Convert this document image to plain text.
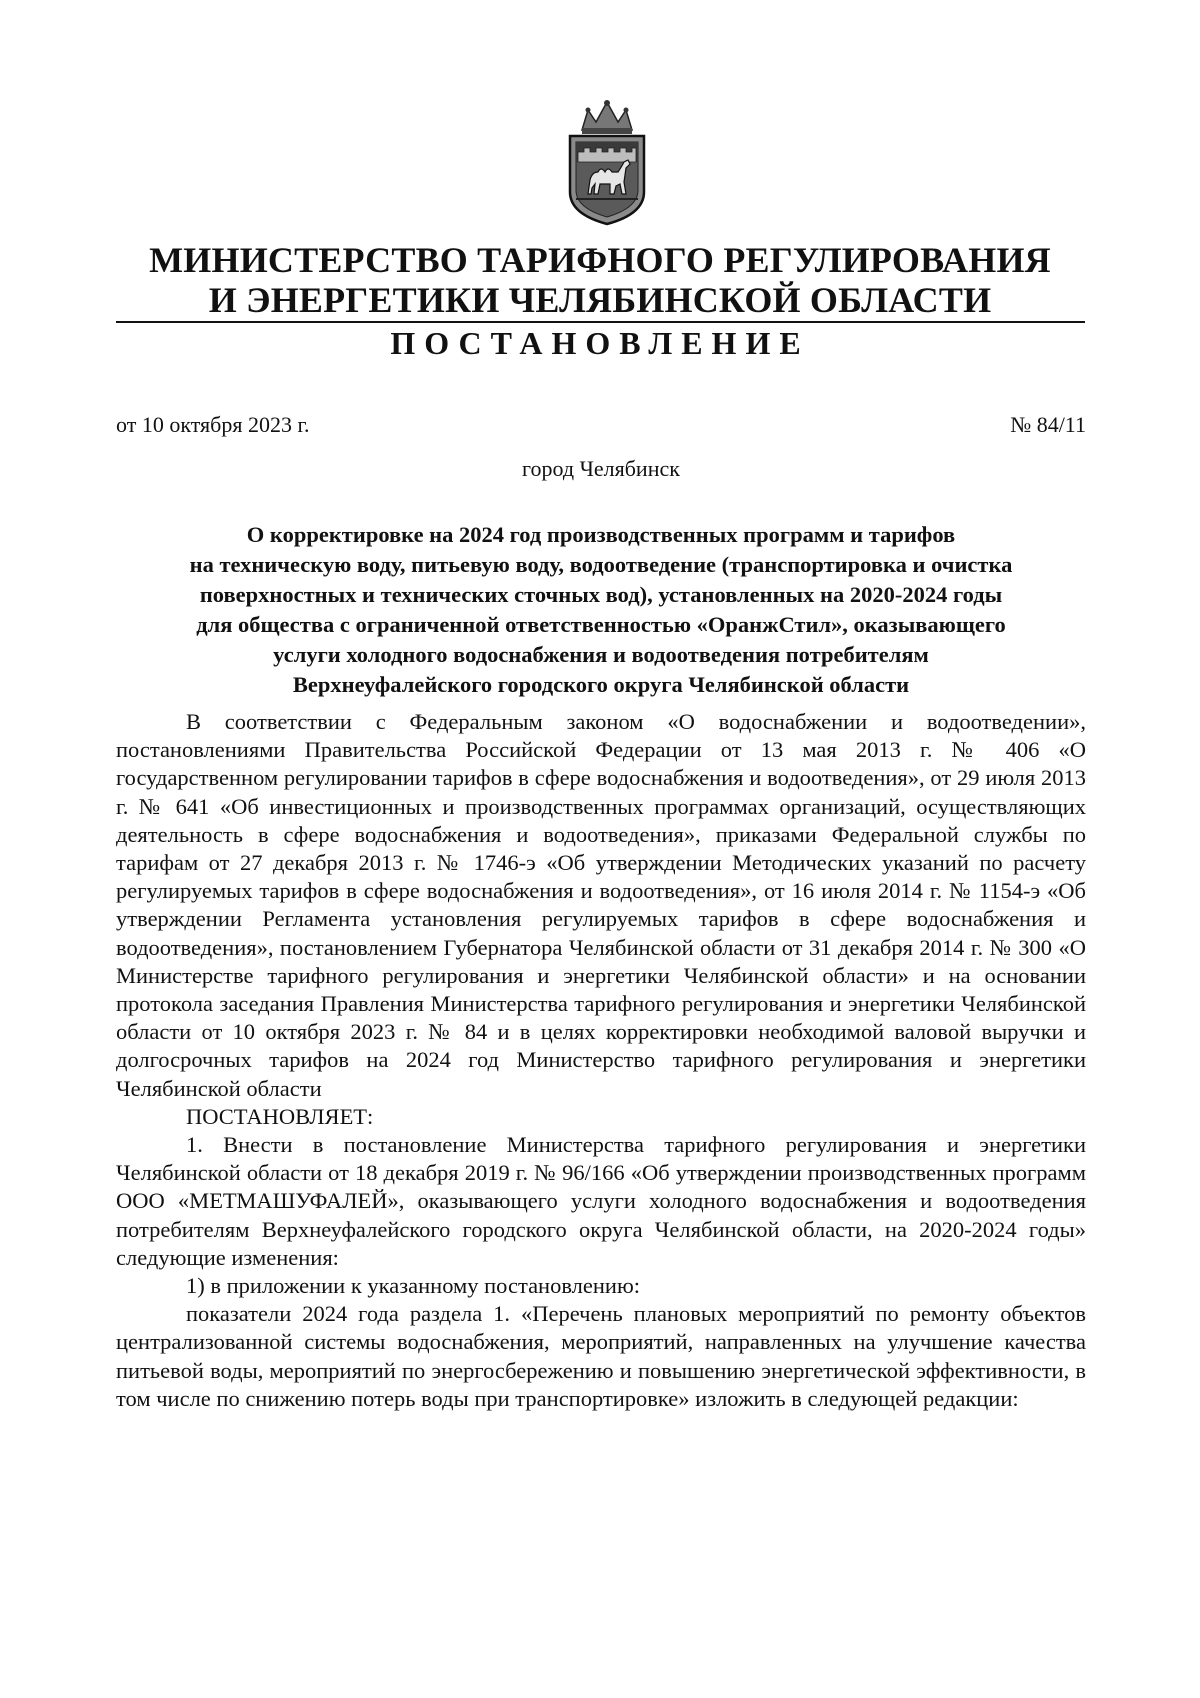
МИНИСТЕРСТВО ТАРИФНОГО РЕГУЛИРОВАНИЯ
И ЭНЕРГЕТИКИ ЧЕЛЯБИНСКОЙ ОБЛАСТИ
ПОСТАНОВЛЕНИЕ
от 10 октября 2023 г.	№ 84/11
город Челябинск
О корректировке на 2024 год производственных программ и тарифов
на техническую воду, питьевую воду, водоотведение (транспортировка и очистка
поверхностных и технических сточных вод), установленных на 2020-2024 годы
для общества с ограниченной ответственностью «ОранжСтил», оказывающего
услуги холодного водоснабжения и водоотведения потребителям
Верхнеуфалейского городского округа Челябинской области

В соответствии с Федеральным законом «О водоснабжении и водоотведении», постановлениями Правительства Российской Федерации от 13 мая 2013 г. № 406 «О государственном регулировании тарифов в сфере водоснабжения и водоотведения», от 29 июля 2013 г. № 641 «Об инвестиционных и производственных программах организаций, осуществляющих деятельность в сфере водоснабжения и водоотведения», приказами Федеральной службы по тарифам от 27 декабря 2013 г. № 1746-э «Об утверждении Методических указаний по расчету регулируемых тарифов в сфере водоснабжения и водоотведения», от 16 июля 2014 г. № 1154-э «Об утверждении Регламента установления регулируемых тарифов в сфере водоснабжения и водоотведения», постановлением Губернатора Челябинской области от 31 декабря 2014 г. № 300 «О Министерстве тарифного регулирования и энергетики Челябинской области» и на основании протокола заседания Правления Министерства тарифного регулирования и энергетики Челябинской области от 10 октября 2023 г. № 84 и в целях корректировки необходимой валовой выручки и долгосрочных тарифов на 2024 год Министерство тарифного регулирования и энергетики Челябинской области

ПОСТАНОВЛЯЕТ:

1. Внести в постановление Министерства тарифного регулирования и энергетики Челябинской области от 18 декабря 2019 г. № 96/166 «Об утверждении производственных программ ООО «МЕТМАШУФАЛЕЙ», оказывающего услуги холодного водоснабжения и водоотведения потребителям Верхнеуфалейского городского округа Челябинской области, на 2020-2024 годы» следующие изменения:

1) в приложении к указанному постановлению:

показатели 2024 года раздела 1. «Перечень плановых мероприятий по ремонту объектов централизованной системы водоснабжения, мероприятий, направленных на улучшение качества питьевой воды, мероприятий по энергосбережению и повышению энергетической эффективности, в том числе по снижению потерь воды при транспортировке» изложить в следующей редакции:
